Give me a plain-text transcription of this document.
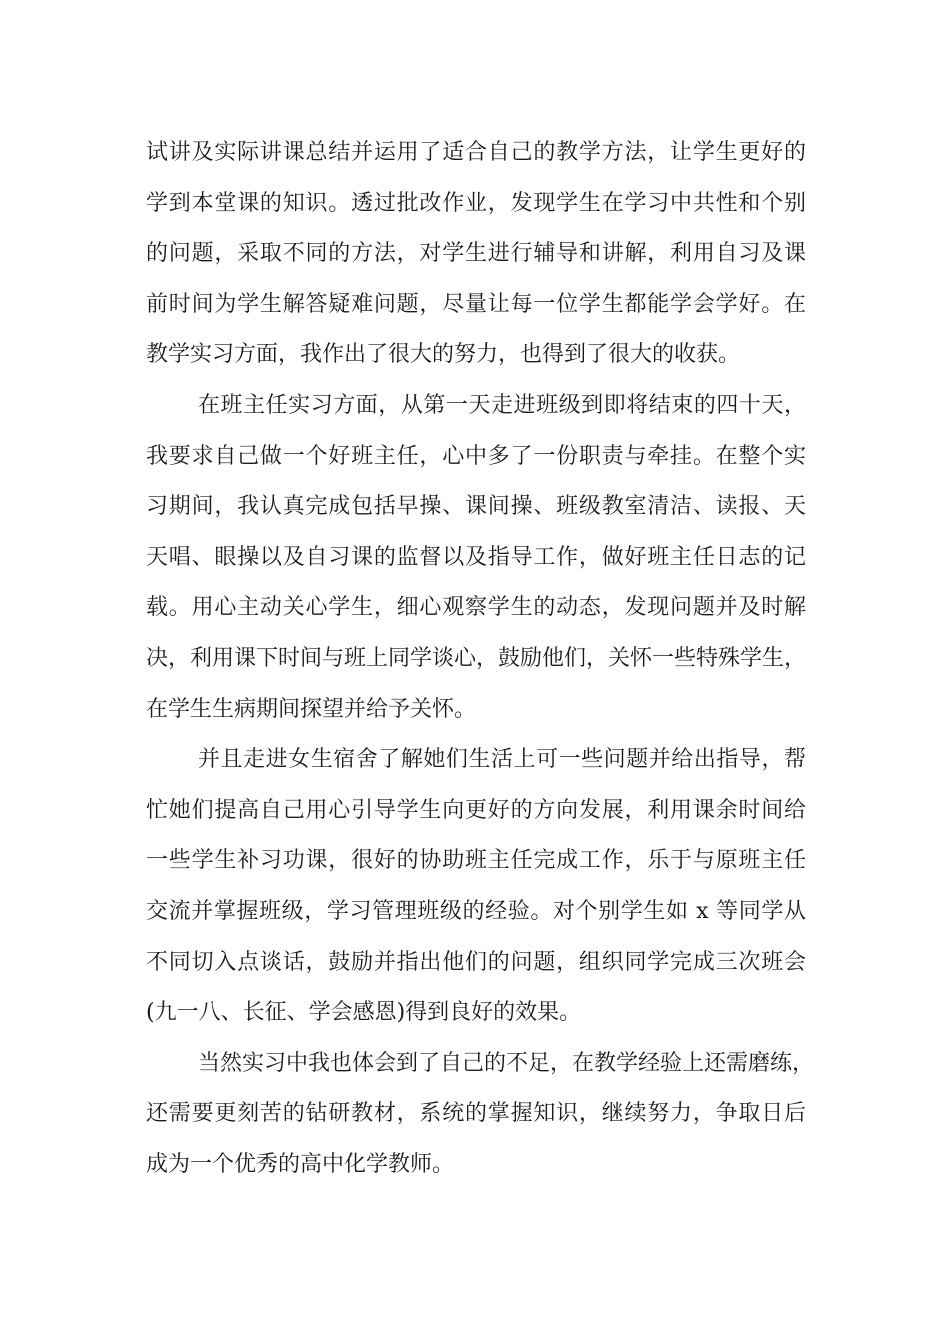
试讲及实际讲课总结并运用了适合自己的教学方法，让学生更好的
学到本堂课的知识。透过批改作业，发现学生在学习中共性和个别
的问题，采取不同的方法，对学生进行辅导和讲解，利用自习及课
前时间为学生解答疑难问题，尽量让每一位学生都能学会学好。在
教学实习方面，我作出了很大的努力，也得到了很大的收获。
在班主任实习方面，从第一天走进班级到即将结束的四十天，
我要求自己做一个好班主任，心中多了一份职责与牵挂。在整个实
习期间，我认真完成包括早操、课间操、班级教室清洁、读报、天
天唱、眼操以及自习课的监督以及指导工作，做好班主任日志的记
载。用心主动关心学生，细心观察学生的动态，发现问题并及时解
决，利用课下时间与班上同学谈心，鼓励他们，关怀一些特殊学生，
在学生生病期间探望并给予关怀。
并且走进女生宿舍了解她们生活上可一些问题并给出指导，帮
忙她们提高自己用心引导学生向更好的方向发展，利用课余时间给
一些学生补习功课，很好的协助班主任完成工作，乐于与原班主任
交流并掌握班级，学习管理班级的经验。对个别学生如 x 等同学从
不同切入点谈话，鼓励并指出他们的问题，组织同学完成三次班会
(九一八、长征、学会感恩)得到良好的效果。
当然实习中我也体会到了自己的不足，在教学经验上还需磨练，
还需要更刻苦的钻研教材，系统的掌握知识，继续努力，争取日后
成为一个优秀的高中化学教师。
